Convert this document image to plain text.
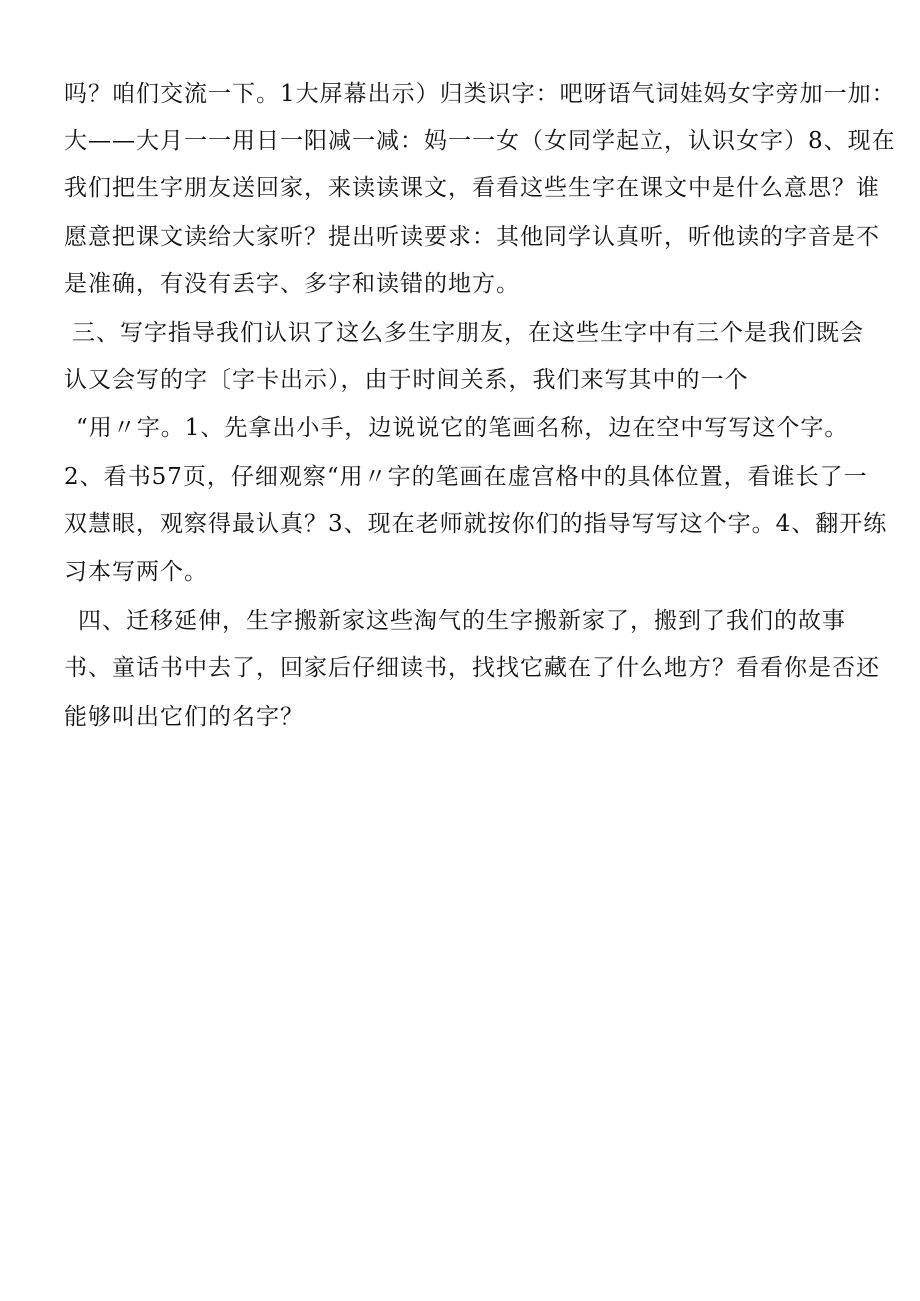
吗？咱们交流一下。1大屏幕出示）归类识字：吧呀语气词娃妈女字旁加一加：
大——大月一一用日一阳减一减：妈一一女（女同学起立，认识女字）8、现在
我们把生字朋友送回家，来读读课文，看看这些生字在课文中是什么意思？谁
愿意把课文读给大家听？提出听读要求：其他同学认真听，听他读的字音是不
是准确，有没有丢字、多字和读错的地方。
三、写字指导我们认识了这么多生字朋友，在这些生字中有三个是我们既会
认又会写的字〔字卡出示），由于时间关系，我们来写其中的一个
“用〃字。1、先拿出小手，边说说它的笔画名称，边在空中写写这个字。
2、看书57页，仔细观察“用〃字的笔画在虚宫格中的具体位置，看谁长了一
双慧眼，观察得最认真？3、现在老师就按你们的指导写写这个字。4、翻开练
习本写两个。
四、迁移延伸，生字搬新家这些淘气的生字搬新家了，搬到了我们的故事
书、童话书中去了，回家后仔细读书，找找它藏在了什么地方？看看你是否还
能够叫出它们的名字？
